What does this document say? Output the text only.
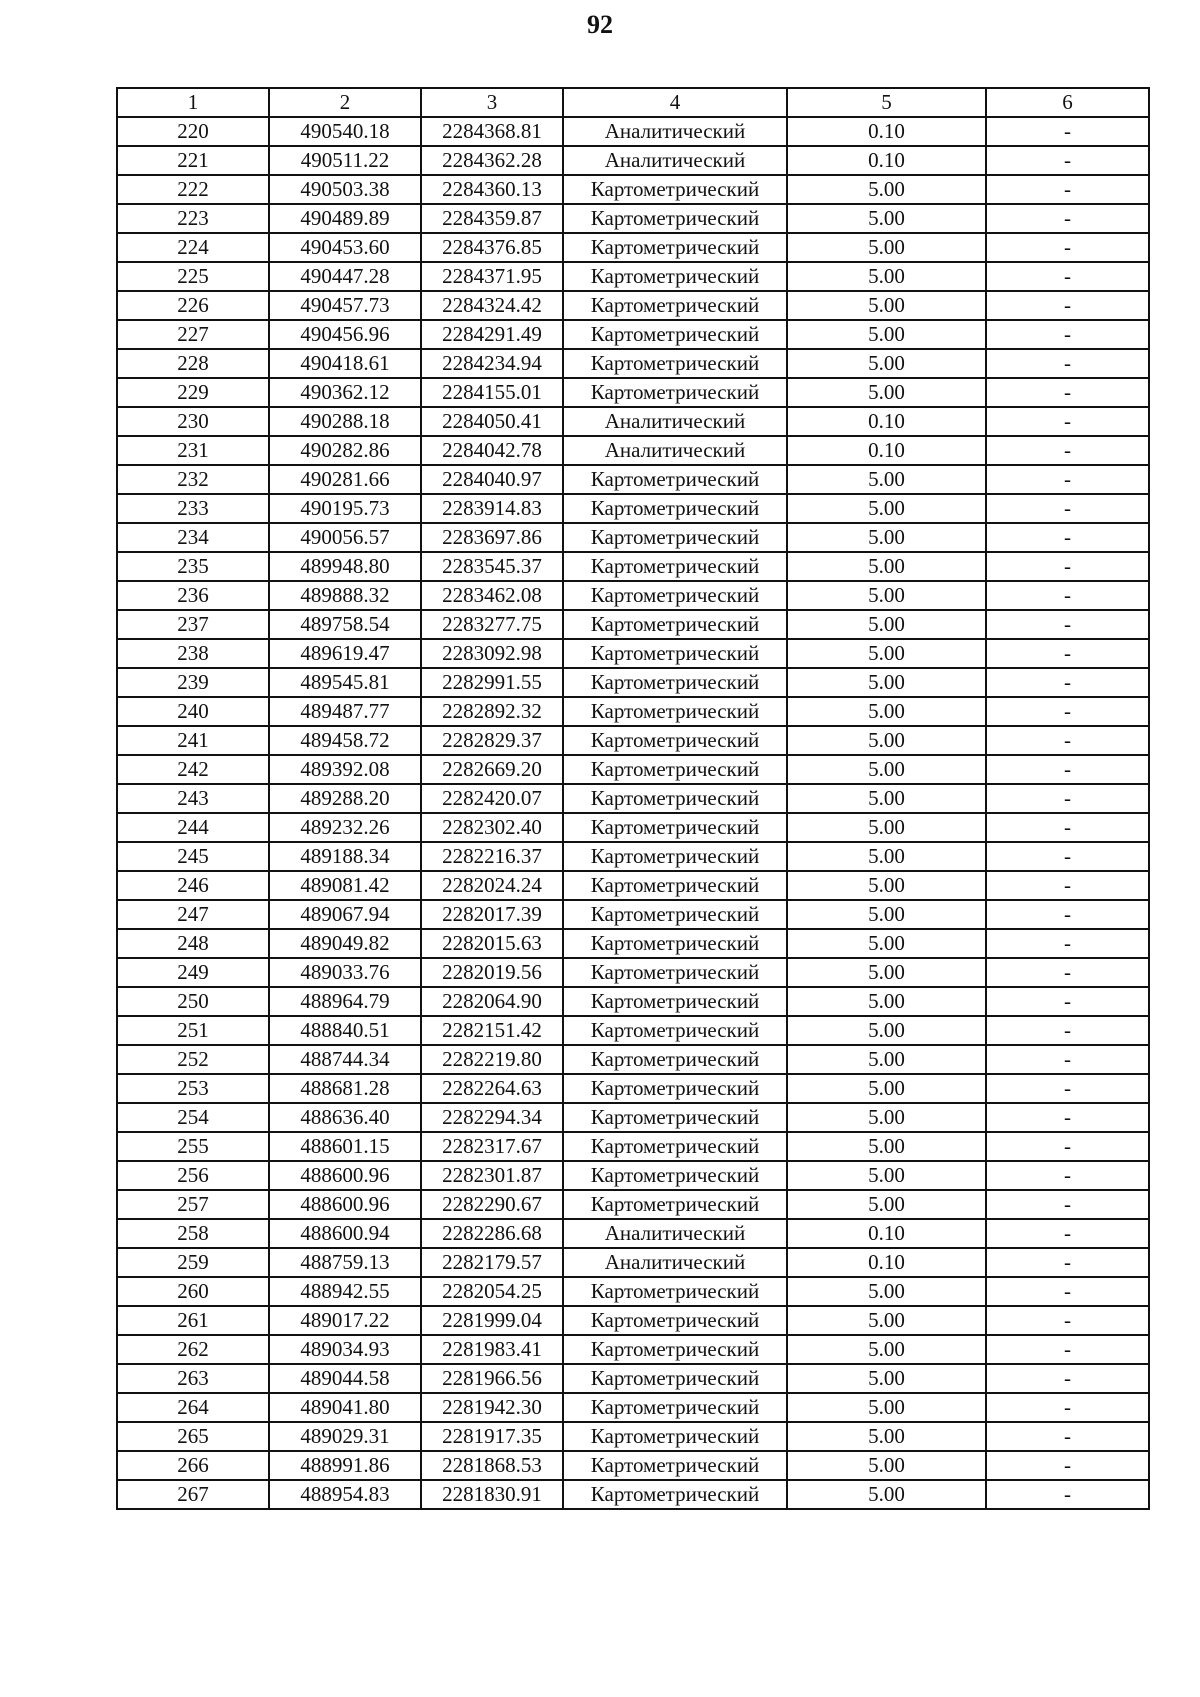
92
1	2	3	4	5	6
220	490540.18	2284368.81	Аналитический	0.10	-
221	490511.22	2284362.28	Аналитический	0.10	-
222	490503.38	2284360.13	Картометрический	5.00	-
223	490489.89	2284359.87	Картометрический	5.00	-
224	490453.60	2284376.85	Картометрический	5.00	-
225	490447.28	2284371.95	Картометрический	5.00	-
226	490457.73	2284324.42	Картометрический	5.00	-
227	490456.96	2284291.49	Картометрический	5.00	-
228	490418.61	2284234.94	Картометрический	5.00	-
229	490362.12	2284155.01	Картометрический	5.00	-
230	490288.18	2284050.41	Аналитический	0.10	-
231	490282.86	2284042.78	Аналитический	0.10	-
232	490281.66	2284040.97	Картометрический	5.00	-
233	490195.73	2283914.83	Картометрический	5.00	-
234	490056.57	2283697.86	Картометрический	5.00	-
235	489948.80	2283545.37	Картометрический	5.00	-
236	489888.32	2283462.08	Картометрический	5.00	-
237	489758.54	2283277.75	Картометрический	5.00	-
238	489619.47	2283092.98	Картометрический	5.00	-
239	489545.81	2282991.55	Картометрический	5.00	-
240	489487.77	2282892.32	Картометрический	5.00	-
241	489458.72	2282829.37	Картометрический	5.00	-
242	489392.08	2282669.20	Картометрический	5.00	-
243	489288.20	2282420.07	Картометрический	5.00	-
244	489232.26	2282302.40	Картометрический	5.00	-
245	489188.34	2282216.37	Картометрический	5.00	-
246	489081.42	2282024.24	Картометрический	5.00	-
247	489067.94	2282017.39	Картометрический	5.00	-
248	489049.82	2282015.63	Картометрический	5.00	-
249	489033.76	2282019.56	Картометрический	5.00	-
250	488964.79	2282064.90	Картометрический	5.00	-
251	488840.51	2282151.42	Картометрический	5.00	-
252	488744.34	2282219.80	Картометрический	5.00	-
253	488681.28	2282264.63	Картометрический	5.00	-
254	488636.40	2282294.34	Картометрический	5.00	-
255	488601.15	2282317.67	Картометрический	5.00	-
256	488600.96	2282301.87	Картометрический	5.00	-
257	488600.96	2282290.67	Картометрический	5.00	-
258	488600.94	2282286.68	Аналитический	0.10	-
259	488759.13	2282179.57	Аналитический	0.10	-
260	488942.55	2282054.25	Картометрический	5.00	-
261	489017.22	2281999.04	Картометрический	5.00	-
262	489034.93	2281983.41	Картометрический	5.00	-
263	489044.58	2281966.56	Картометрический	5.00	-
264	489041.80	2281942.30	Картометрический	5.00	-
265	489029.31	2281917.35	Картометрический	5.00	-
266	488991.86	2281868.53	Картометрический	5.00	-
267	488954.83	2281830.91	Картометрический	5.00	-
